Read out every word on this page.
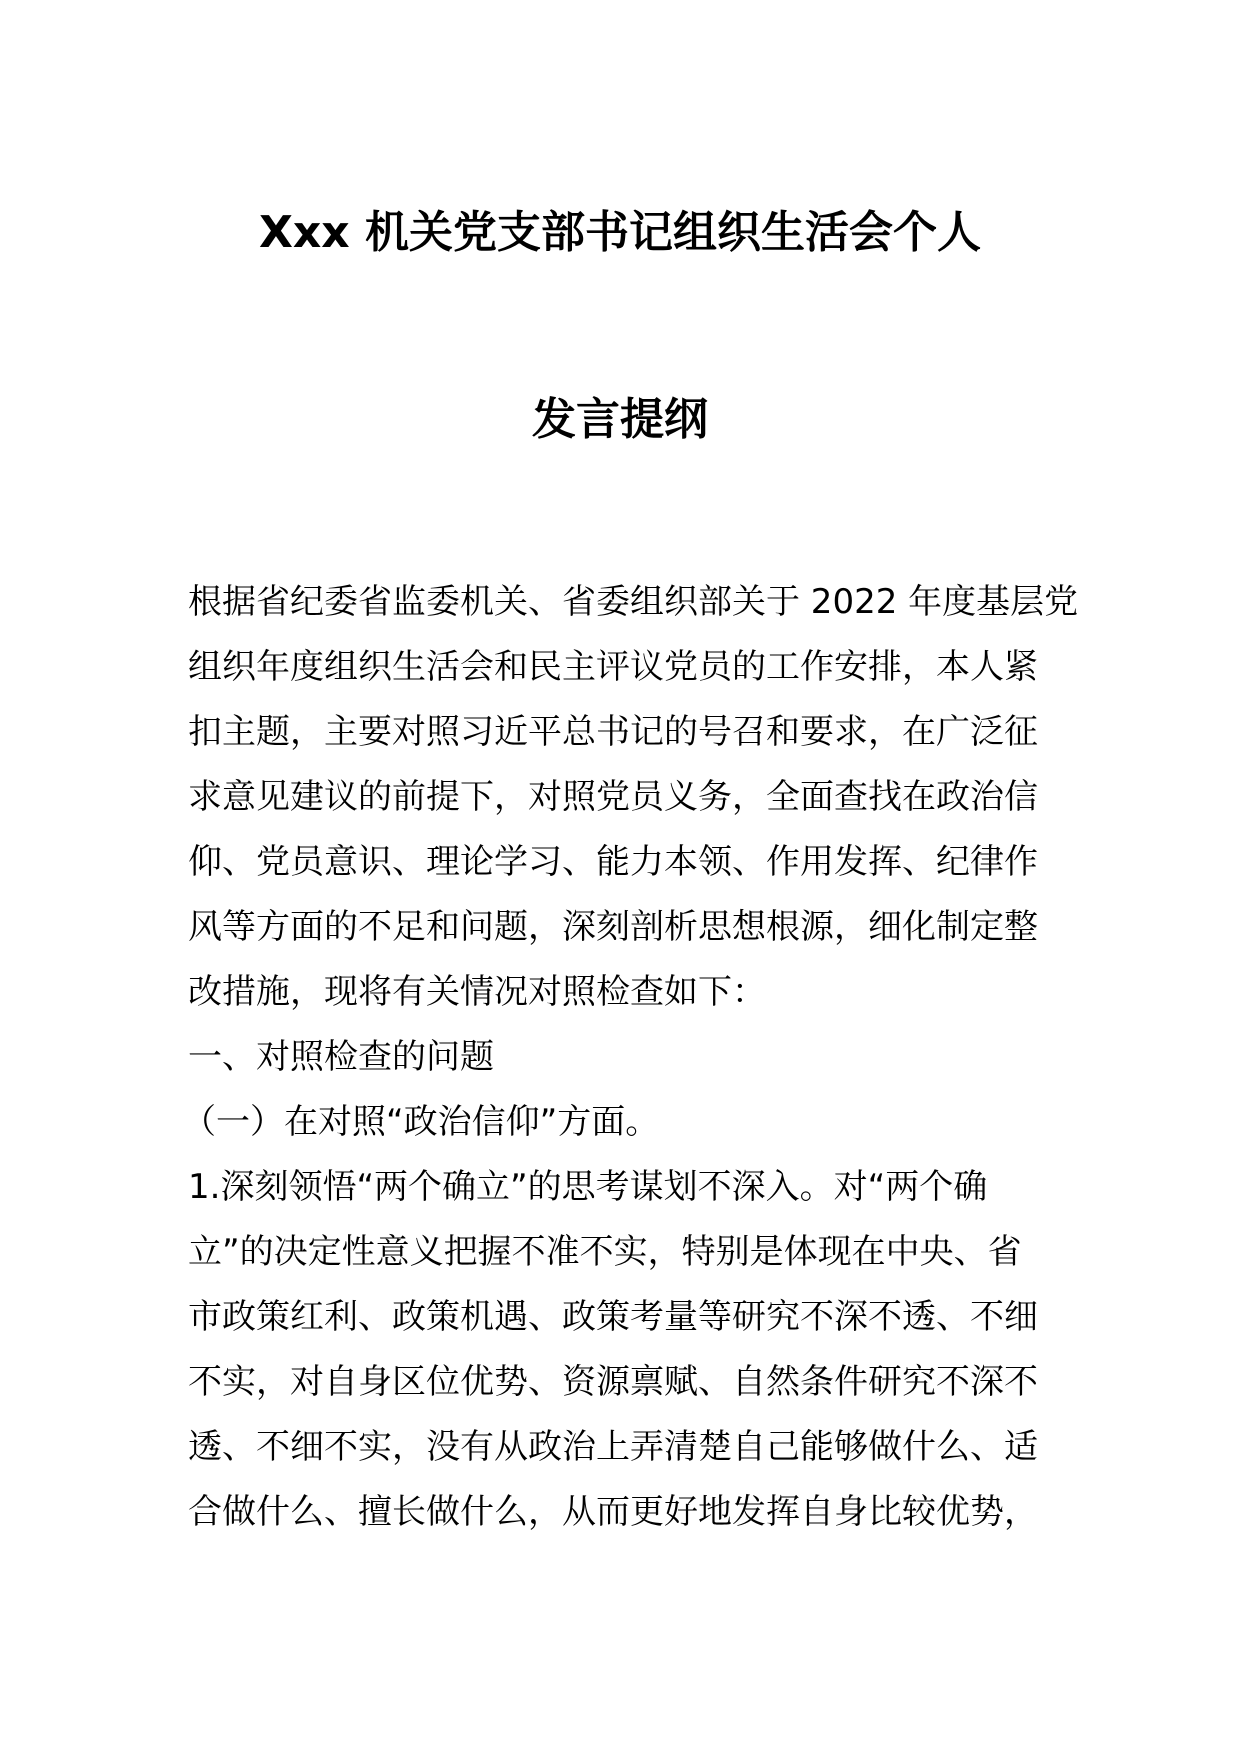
Xxx 机关党支部书记组织生活会个人
发言提纲
根据省纪委省监委机关、省委组织部关于 2022 年度基层党
组织年度组织生活会和民主评议党员的工作安排，本人紧
扣主题，主要对照习近平总书记的号召和要求，在广泛征
求意见建议的前提下，对照党员义务，全面查找在政治信
仰、党员意识、理论学习、能力本领、作用发挥、纪律作
风等方面的不足和问题，深刻剖析思想根源，细化制定整
改措施，现将有关情况对照检查如下：
一、对照检查的问题
（一）在对照“政治信仰”方面。
1.深刻领悟“两个确立”的思考谋划不深入。对“两个确
立”的决定性意义把握不准不实，特别是体现在中央、省
市政策红利、政策机遇、政策考量等研究不深不透、不细
不实，对自身区位优势、资源禀赋、自然条件研究不深不
透、不细不实，没有从政治上弄清楚自己能够做什么、适
合做什么、擅长做什么，从而更好地发挥自身比较优势，
